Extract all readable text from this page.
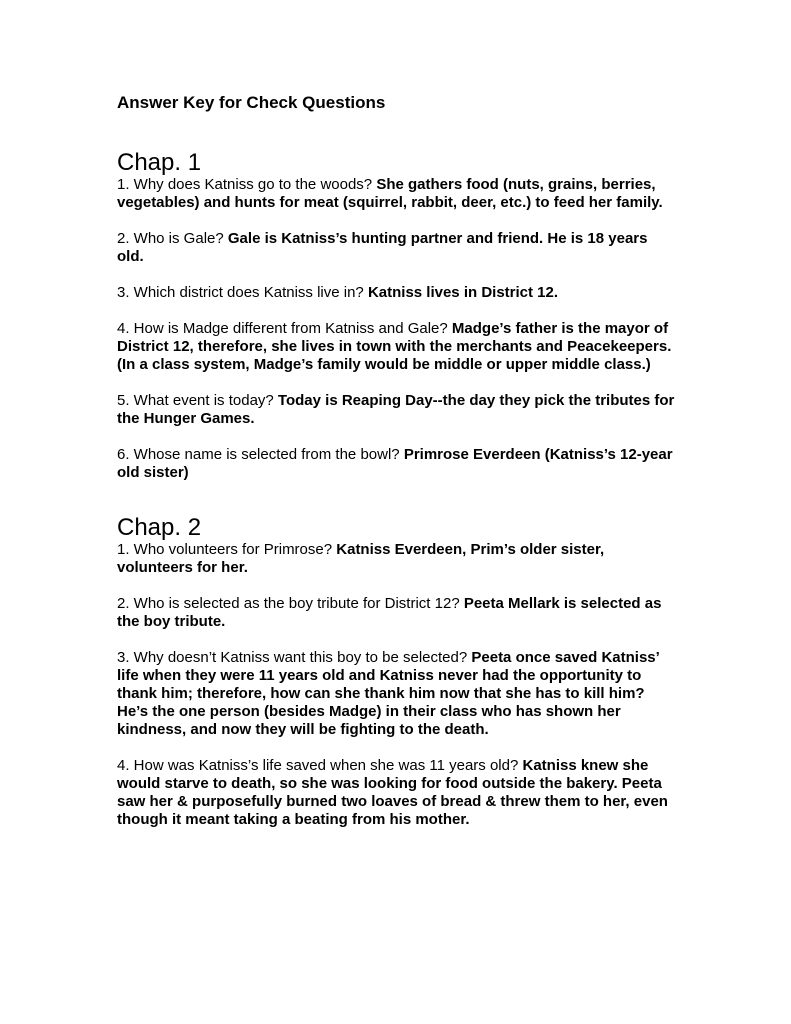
Answer Key for Check Questions

Chap. 1

1. Why does Katniss go to the woods? She gathers food (nuts, grains, berries, vegetables) and hunts for meat (squirrel, rabbit, deer, etc.) to feed her family.

2. Who is Gale? Gale is Katniss’s hunting partner and friend. He is 18 years old.

3. Which district does Katniss live in? Katniss lives in District 12.

4. How is Madge different from Katniss and Gale? Madge’s father is the mayor of District 12, therefore, she lives in town with the merchants and Peacekeepers. (In a class system, Madge’s family would be middle or upper middle class.)

5. What event is today? Today is Reaping Day--the day they pick the tributes for the Hunger Games.

6. Whose name is selected from the bowl? Primrose Everdeen (Katniss’s 12-year old sister)

Chap. 2

1. Who volunteers for Primrose? Katniss Everdeen, Prim’s older sister, volunteers for her.

2. Who is selected as the boy tribute for District 12? Peeta Mellark is selected as the boy tribute.

3. Why doesn’t Katniss want this boy to be selected? Peeta once saved Katniss’ life when they were 11 years old and Katniss never had the opportunity to thank him; therefore, how can she thank him now that she has to kill him? He’s the one person (besides Madge) in their class who has shown her kindness, and now they will be fighting to the death.

4. How was Katniss’s life saved when she was 11 years old? Katniss knew she would starve to death, so she was looking for food outside the bakery. Peeta saw her & purposefully burned two loaves of bread & threw them to her, even though it meant taking a beating from his mother.
